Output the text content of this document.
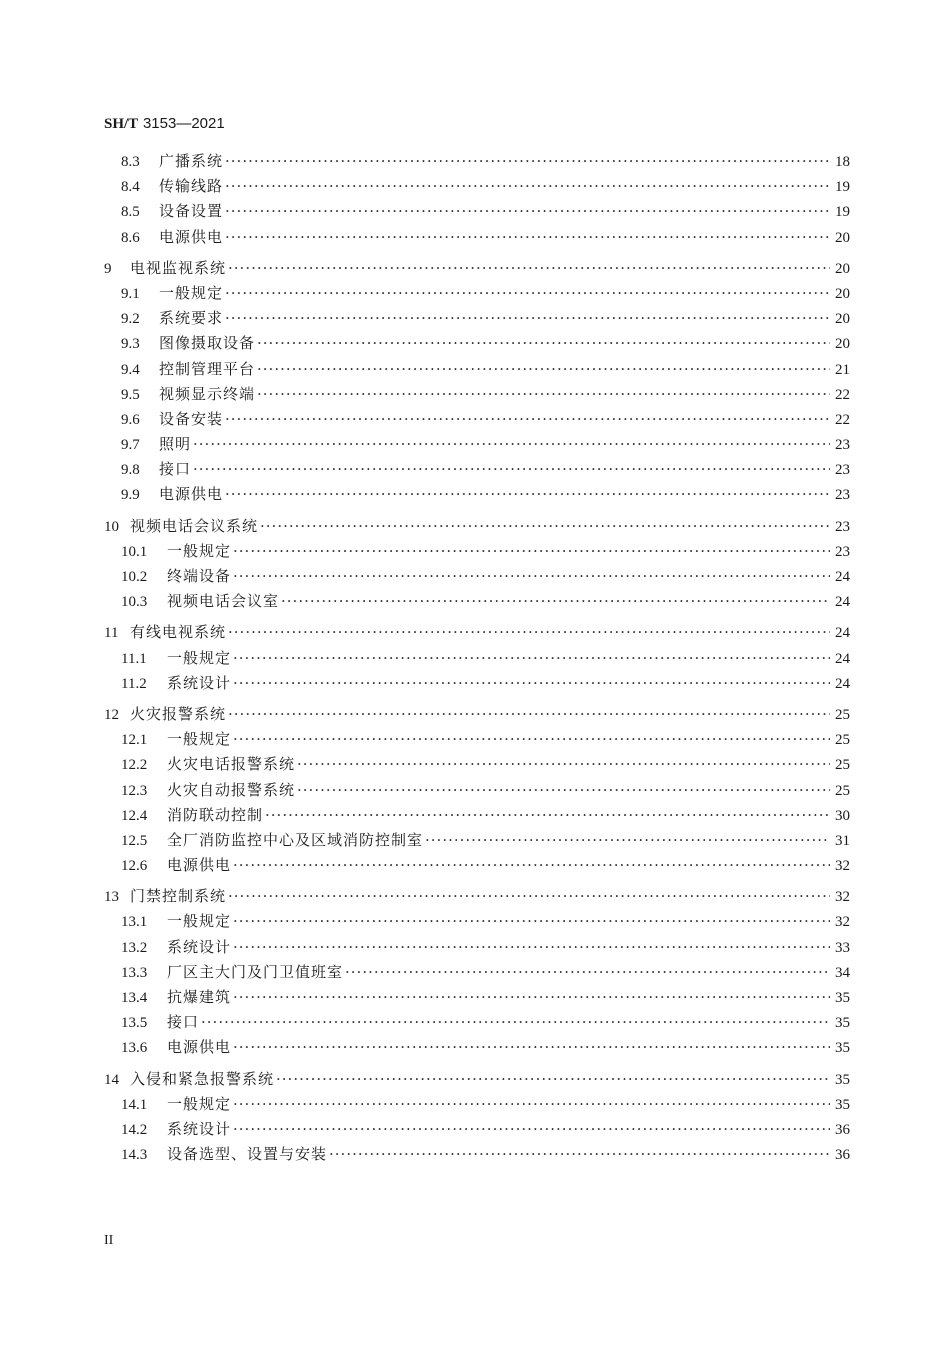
SH/T 3153—2021
8.3	广播系统 ·····	18
8.4	传输线路 ·····	19
8.5	设备设置 ·····	19
8.6	电源供电 ·····	20
9	电视监视系统 ·····	20
9.1	一般规定 ·····	20
9.2	系统要求 ·····	20
9.3	图像摄取设备 ·····	20
9.4	控制管理平台 ·····	21
9.5	视频显示终端 ·····	22
9.6	设备安装 ·····	22
9.7	照明 ·····	23
9.8	接口 ·····	23
9.9	电源供电 ·····	23
10 视频电话会议系统 ·····	23
10.1	一般规定 ·····	23
10.2	终端设备 ·····	24
10.3	视频电话会议室 ·····	24
11 有线电视系统 ·····	24
11.1	一般规定 ·····	24
11.2	系统设计 ·····	24
12 火灾报警系统 ·····	25
12.1	一般规定 ·····	25
12.2	火灾电话报警系统 ·····	25
12.3	火灾自动报警系统 ·····	25
12.4	消防联动控制 ·····	30
12.5	全厂消防监控中心及区域消防控制室 ·····	31
12.6	电源供电 ·····	32
13 门禁控制系统 ·····	32
13.1	一般规定 ·····	32
13.2	系统设计 ·····	33
13.3	厂区主大门及门卫值班室 ·····	34
13.4	抗爆建筑 ·····	35
13.5	接口 ·····	35
13.6	电源供电 ·····	35
14 入侵和紧急报警系统 ·····	35
14.1	一般规定 ·····	35
14.2	系统设计 ·····	36
14.3	设备选型、设置与安装 ·····	36
II
